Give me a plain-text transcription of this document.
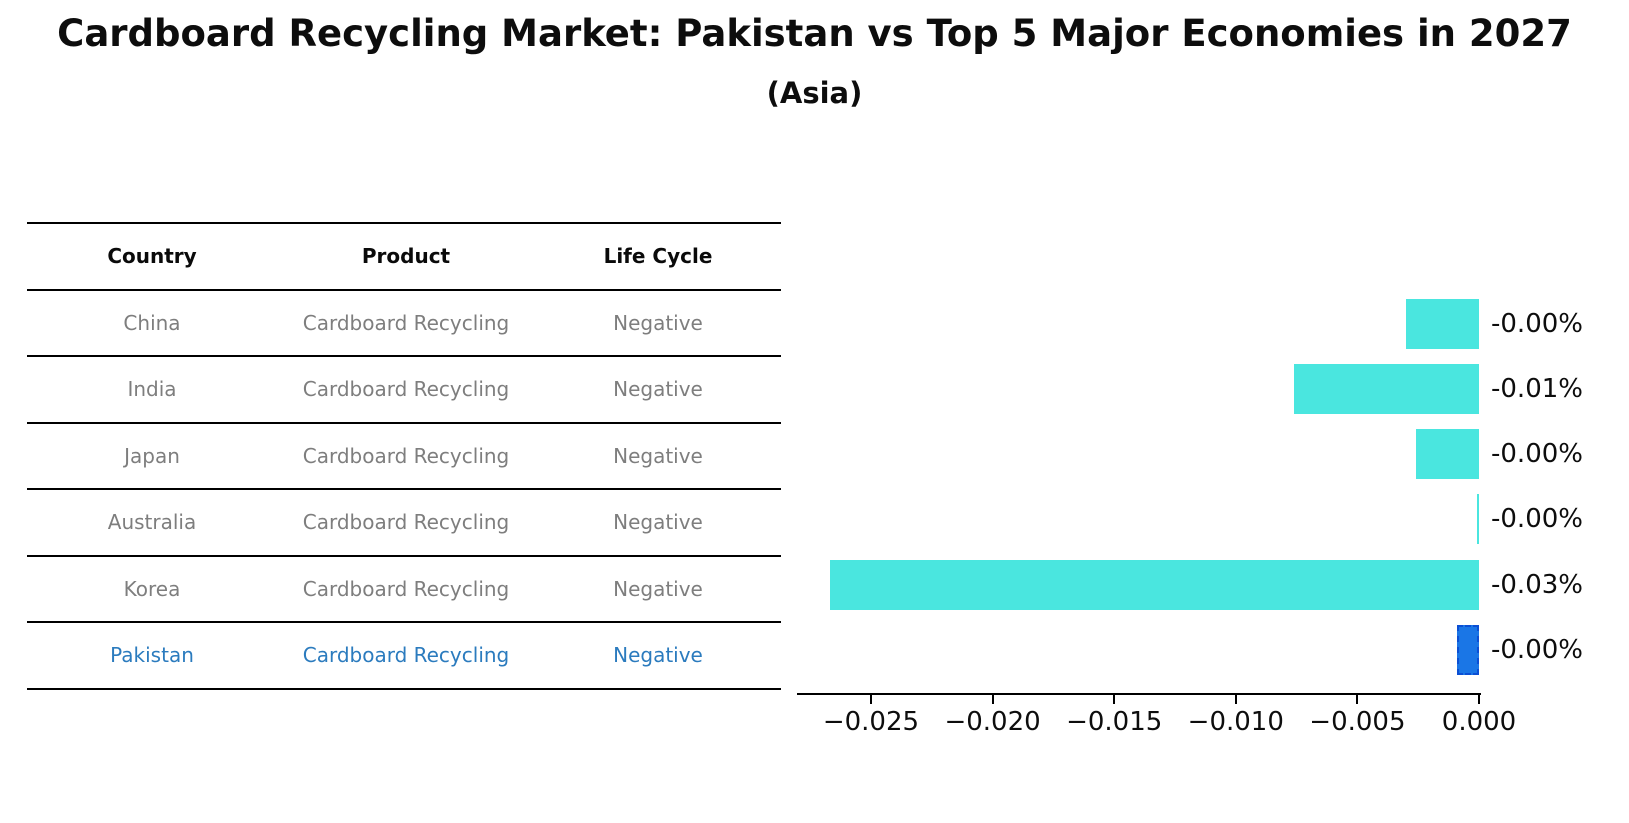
Cardboard Recycling Market: Pakistan vs Top 5 Major Economies in 2027
(Asia)
Country	Product	Life Cycle
China	Cardboard Recycling	Negative
India	Cardboard Recycling	Negative
Japan	Cardboard Recycling	Negative
Australia	Cardboard Recycling	Negative
Korea	Cardboard Recycling	Negative
Pakistan	Cardboard Recycling	Negative
-0.00%
-0.01%
-0.00%
-0.00%
-0.03%
-0.00%
−0.025 −0.020 −0.015 −0.010 −0.005	0.000
